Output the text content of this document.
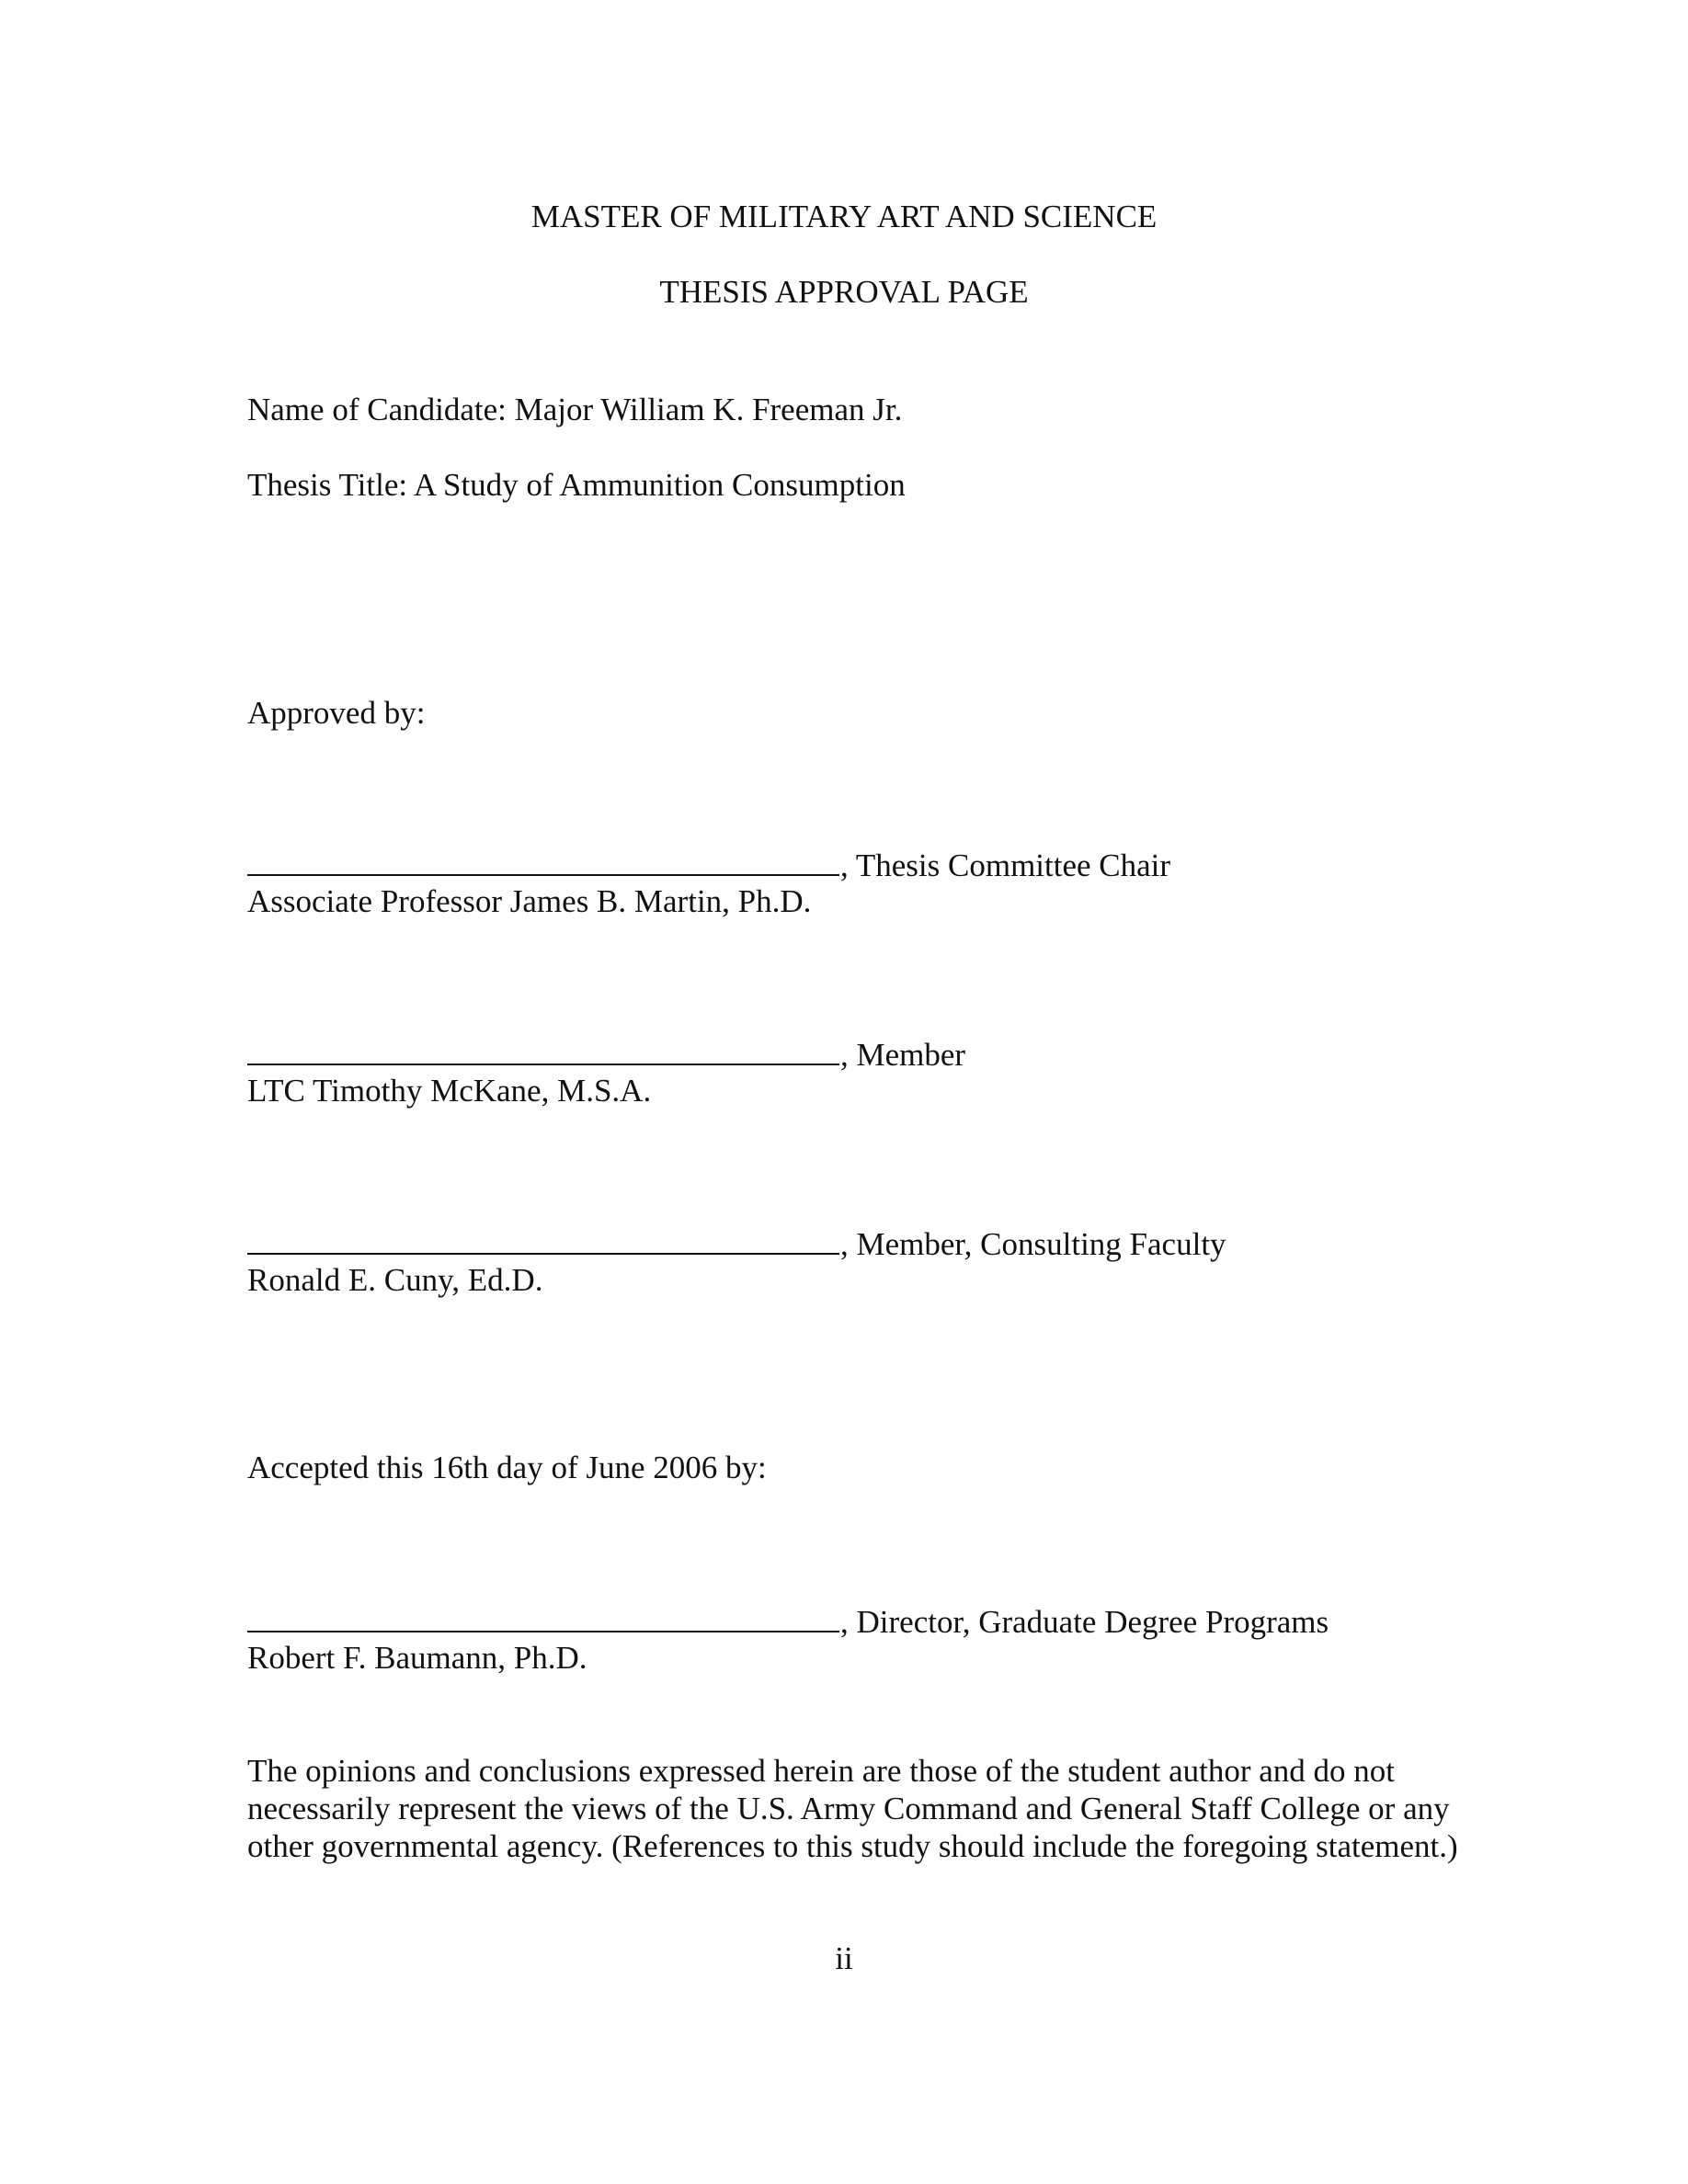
MASTER OF MILITARY ART AND SCIENCE

THESIS APPROVAL PAGE

Name of Candidate: Major William K. Freeman Jr.

Thesis Title: A Study of Ammunition Consumption

Approved by:

, Thesis Committee Chair

Associate Professor James B. Martin, Ph.D.

, Member

LTC Timothy McKane, M.S.A.

, Member, Consulting Faculty

Ronald E. Cuny, Ed.D.

Accepted this 16th day of June 2006 by:

, Director, Graduate Degree Programs

Robert F. Baumann, Ph.D.

The opinions and conclusions expressed herein are those of the student author and do not necessarily represent the views of the U.S. Army Command and General Staff College or any other governmental agency. (References to this study should include the foregoing statement.)

ii
